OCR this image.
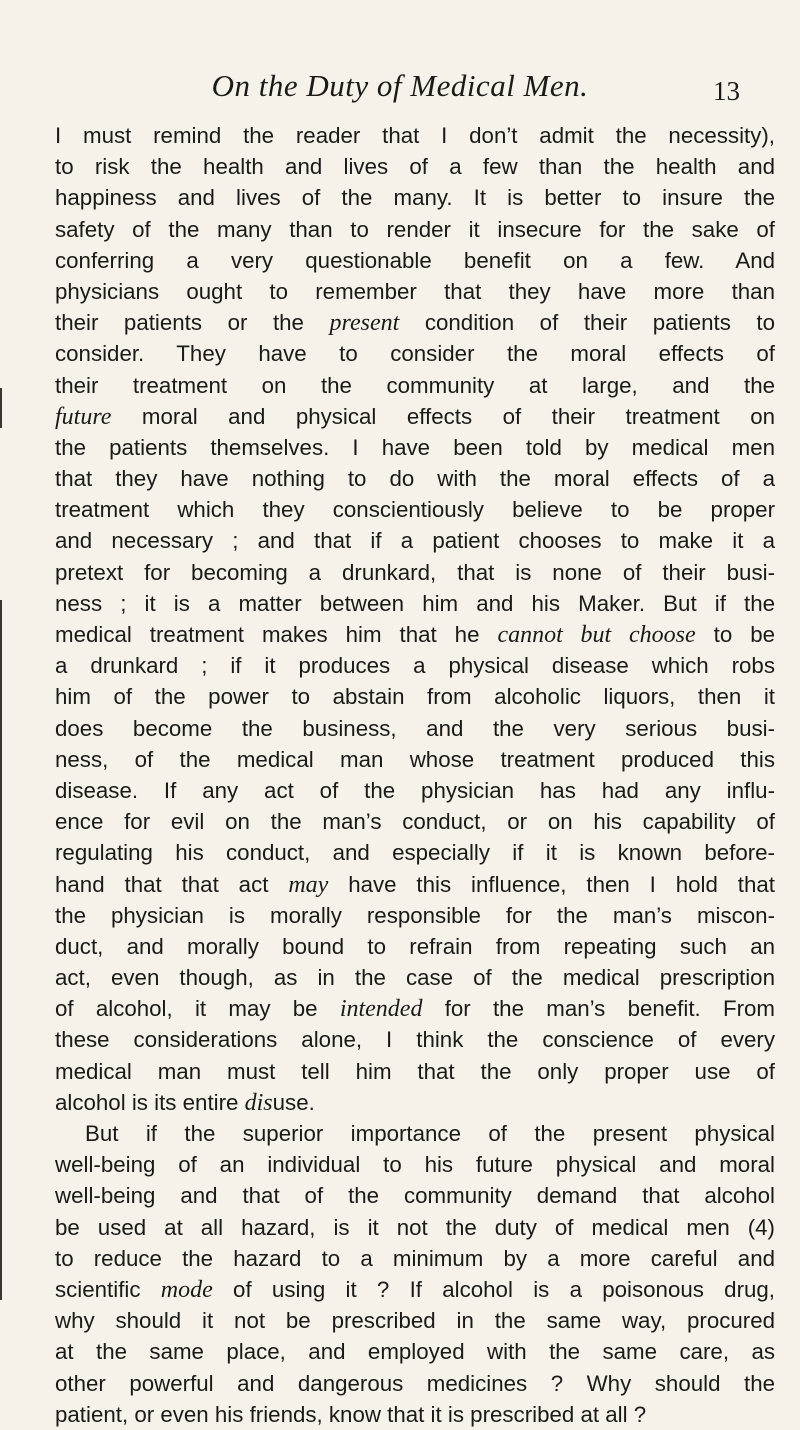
On the Duty of Medical Men.	13
I must remind the reader that I don’t admit the necessity),
to risk the health and lives of a few than the health and
happiness and lives of the many. It is better to insure the
safety of the many than to render it insecure for the sake of
conferring a very questionable benefit on a few. And
physicians ought to remember that they have more than
their patients or the present condition of their patients to
consider. They have to consider the moral effects of
their treatment on the community at large, and the
future moral and physical effects of their treatment on
the patients themselves. I have been told by medical men
that they have nothing to do with the moral effects of a
treatment which they conscientiously believe to be proper
and necessary ; and that if a patient chooses to make it a
pretext for becoming a drunkard, that is none of their busi-
ness ; it is a matter between him and his Maker. But if the
medical treatment makes him that he cannot but choose to be
a drunkard ; if it produces a physical disease which robs
him of the power to abstain from alcoholic liquors, then it
does become the business, and the very serious busi-
ness, of the medical man whose treatment produced this
disease. If any act of the physician has had any influ-
ence for evil on the man’s conduct, or on his capability of
regulating his conduct, and especially if it is known before-
hand that that act may have this influence, then I hold that
the physician is morally responsible for the man’s miscon-
duct, and morally bound to refrain from repeating such an
act, even though, as in the case of the medical prescription
of alcohol, it may be intended for the man’s benefit. From
these considerations alone, I think the conscience of every
medical man must tell him that the only proper use of
alcohol is its entire disuse.
But if the superior importance of the present physical
well-being of an individual to his future physical and moral
well-being and that of the community demand that alcohol
be used at all hazard, is it not the duty of medical men (4)
to reduce the hazard to a minimum by a more careful and
scientific mode of using it ? If alcohol is a poisonous drug,
why should it not be prescribed in the same way, procured
at the same place, and employed with the same care, as
other powerful and dangerous medicines ? Why should the
patient, or even his friends, know that it is prescribed at all ?
